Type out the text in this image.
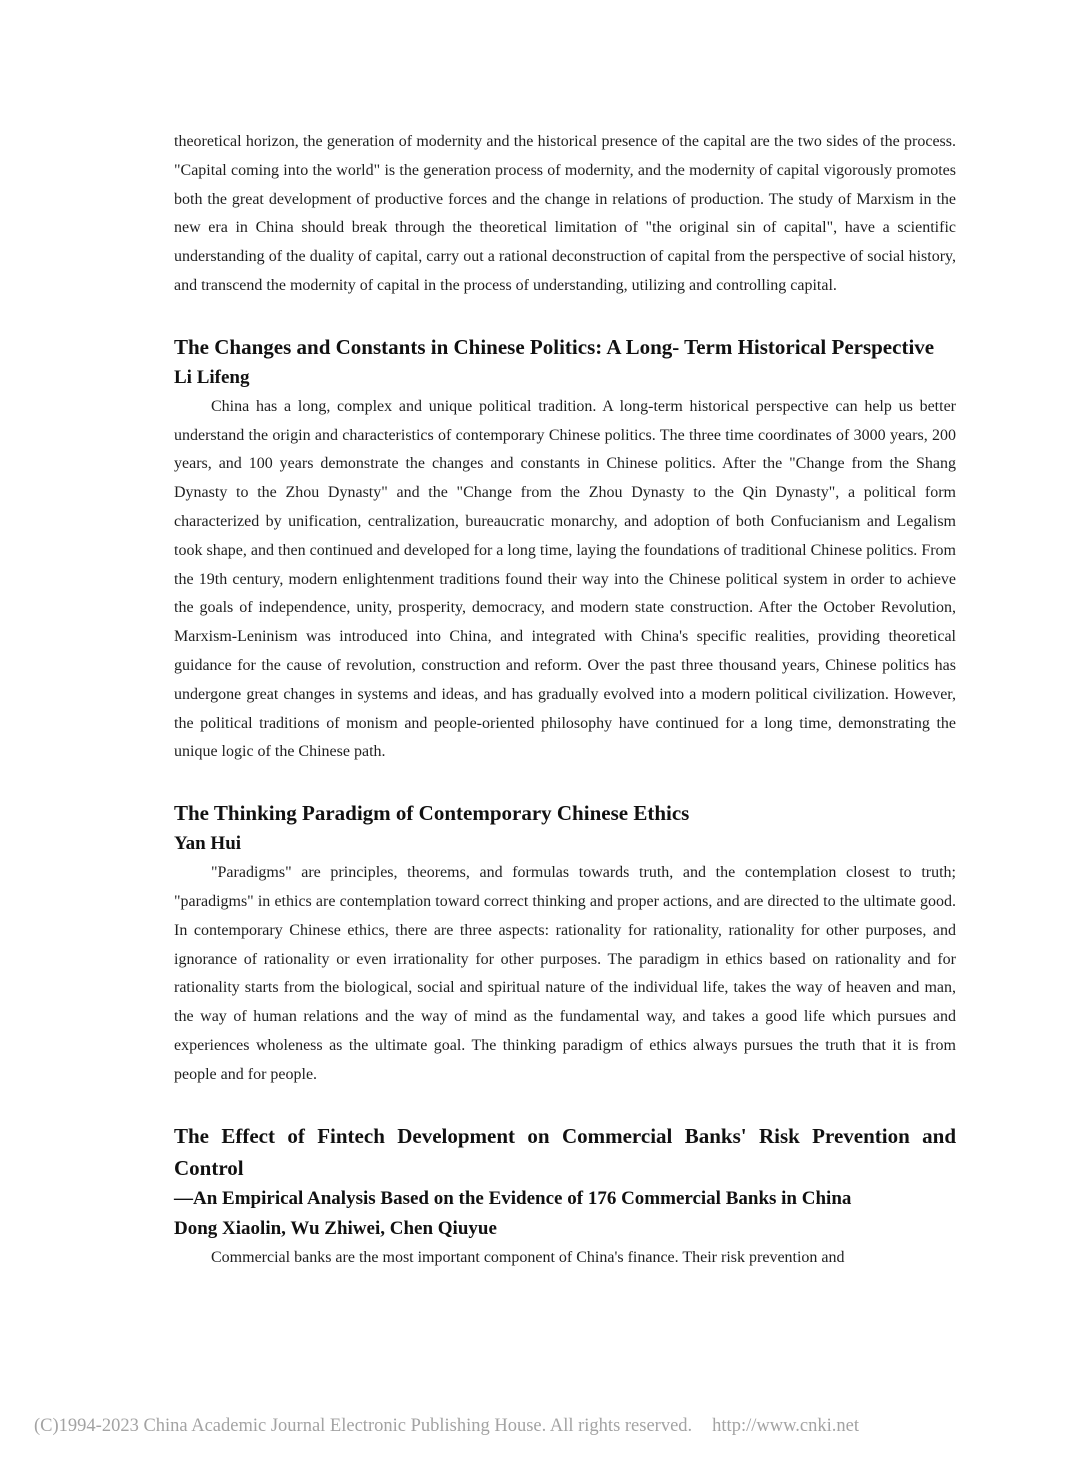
theoretical horizon, the generation of modernity and the historical presence of the capital are the two sides of the process. "Capital coming into the world" is the generation process of modernity, and the modernity of capital vigorously promotes both the great development of productive forces and the change in relations of production. The study of Marxism in the new era in China should break through the theoretical limitation of "the original sin of capital", have a scientific understanding of the duality of capital, carry out a rational deconstruction of capital from the perspective of social history, and transcend the modernity of capital in the process of understanding, utilizing and controlling capital.

The Changes and Constants in Chinese Politics: A Long- Term Historical Perspective
Li Lifeng

China has a long, complex and unique political tradition. A long-term historical perspective can help us better understand the origin and characteristics of contemporary Chinese politics. The three time coordinates of 3000 years, 200 years, and 100 years demonstrate the changes and constants in Chinese politics. After the "Change from the Shang Dynasty to the Zhou Dynasty" and the "Change from the Zhou Dynasty to the Qin Dynasty", a political form characterized by unification, centralization, bureaucratic monarchy, and adoption of both Confucianism and Legalism took shape, and then continued and developed for a long time, laying the foundations of traditional Chinese politics. From the 19th century, modern enlightenment traditions found their way into the Chinese political system in order to achieve the goals of independence, unity, prosperity, democracy, and modern state construction. After the October Revolution, Marxism-Leninism was introduced into China, and integrated with China's specific realities, providing theoretical guidance for the cause of revolution, construction and reform. Over the past three thousand years, Chinese politics has undergone great changes in systems and ideas, and has gradually evolved into a modern political civilization. However, the political traditions of monism and people-oriented philosophy have continued for a long time, demonstrating the unique logic of the Chinese path.

The Thinking Paradigm of Contemporary Chinese Ethics
Yan Hui

"Paradigms" are principles, theorems, and formulas towards truth, and the contemplation closest to truth; "paradigms" in ethics are contemplation toward correct thinking and proper actions, and are directed to the ultimate good. In contemporary Chinese ethics, there are three aspects: rationality for rationality, rationality for other purposes, and ignorance of rationality or even irrationality for other purposes. The paradigm in ethics based on rationality and for rationality starts from the biological, social and spiritual nature of the individual life, takes the way of heaven and man, the way of human relations and the way of mind as the fundamental way, and takes a good life which pursues and experiences wholeness as the ultimate goal. The thinking paradigm of ethics always pursues the truth that it is from people and for people.

The Effect of Fintech Development on Commercial Banks' Risk Prevention and Control
—An Empirical Analysis Based on the Evidence of 176 Commercial Banks in China
Dong Xiaolin, Wu Zhiwei, Chen Qiuyue

Commercial banks are the most important component of China's finance. Their risk prevention and

(C)1994-2023 China Academic Journal Electronic Publishing House. All rights reserved. http://www.cnki.net
